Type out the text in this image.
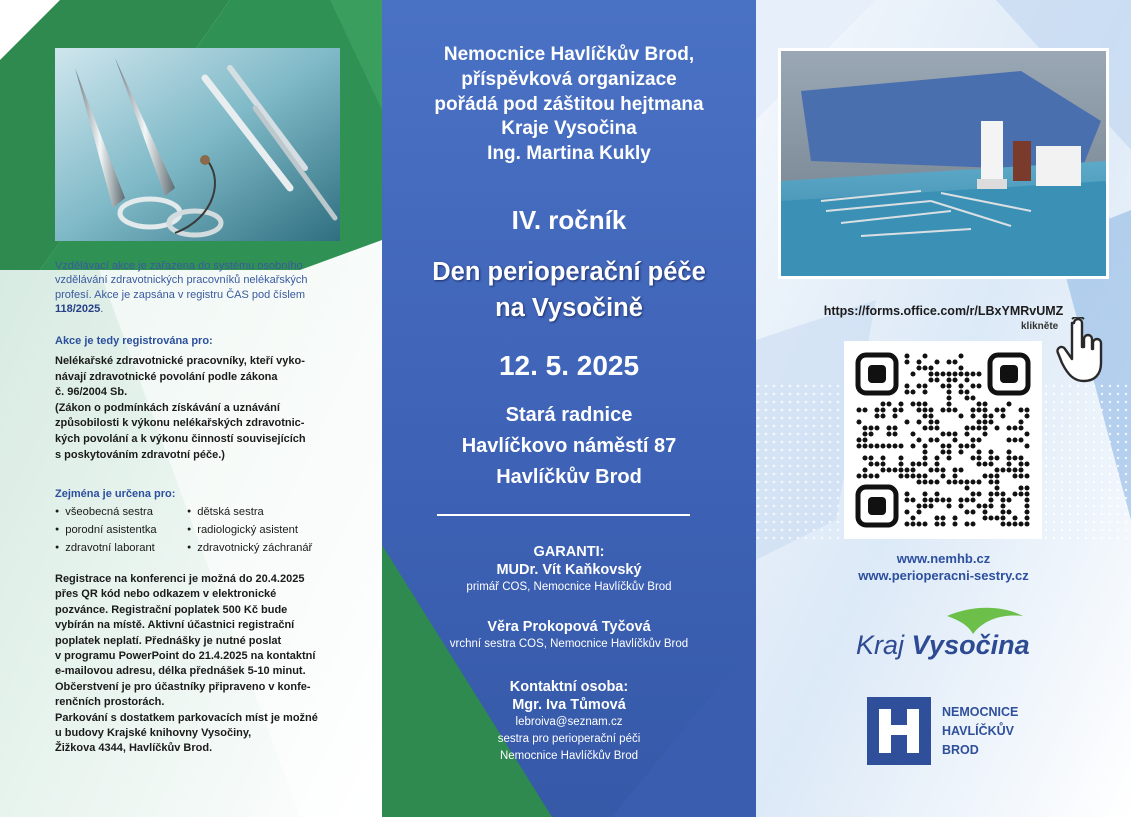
Vzdělávací akce je zařazena do systému osobního vzdělávání zdravotnických pracovníků nelékařských profesí. Akce je zapsána v registru ČAS pod číslem 118/2025.

Akce je tedy registrována pro:

Nelékařské zdravotnické pracovníky, kteří vyko-
návají zdravotnické povolání podle zákona
č. 96/2004 Sb.
(Zákon o podmínkách získávání a uznávání
způsobilosti k výkonu nelékařských zdravotnic-
kých povolání a k výkonu činností souvisejících
s poskytováním zdravotní péče.)

Zejména je určena pro:

● všeobecná sestra	● dětská sestra
● porodní asistentka	● radiologický asistent
● zdravotní laborant	● zdravotnický záchranář
Registrace na konferenci je možná do 20.4.2025
přes QR kód nebo odkazem v elektronické
pozvánce. Registrační poplatek 500 Kč bude
vybírán na místě. Aktivní účastnici registrační
poplatek neplatí. Přednášky je nutné poslat
v programu PowerPoint do 21.4.2025 na kontaktní
e-mailovou adresu, délka přednášek 5-10 minut.
Občerstvení je pro účastníky připraveno v konfe-
renčních prostorách.
Parkování s dostatkem parkovacích míst je možné
u budovy Krajské knihovny Vysočiny,
Žižkova 4344, Havlíčkův Brod.
Nemocnice Havlíčkův Brod,
příspěvková organizace
pořádá pod záštitou hejtmana
Kraje Vysočina
Ing. Martina Kukly
IV. ročník
Den perioperační péče
na Vysočině
12. 5. 2025
Stará radnice
Havlíčkovo náměstí 87
Havlíčkův Brod
GARANTI:
MUDr. Vít Kaňkovský
primář COS, Nemocnice Havlíčkův Brod
Věra Prokopová Tyčová
vrchní sestra COS, Nemocnice Havlíčkův Brod
Kontaktní osoba:
Mgr. Iva Tůmová
lebroiva@seznam.cz
sestra pro perioperační péči
Nemocnice Havlíčkův Brod
https://forms.office.com/r/LBxYMRvUMZ
klikněte
www.nemhb.cz
www.perioperacni-sestry.cz
Kraj Vysočina
NEMOCNICE
HAVLÍČKŮV
BROD
